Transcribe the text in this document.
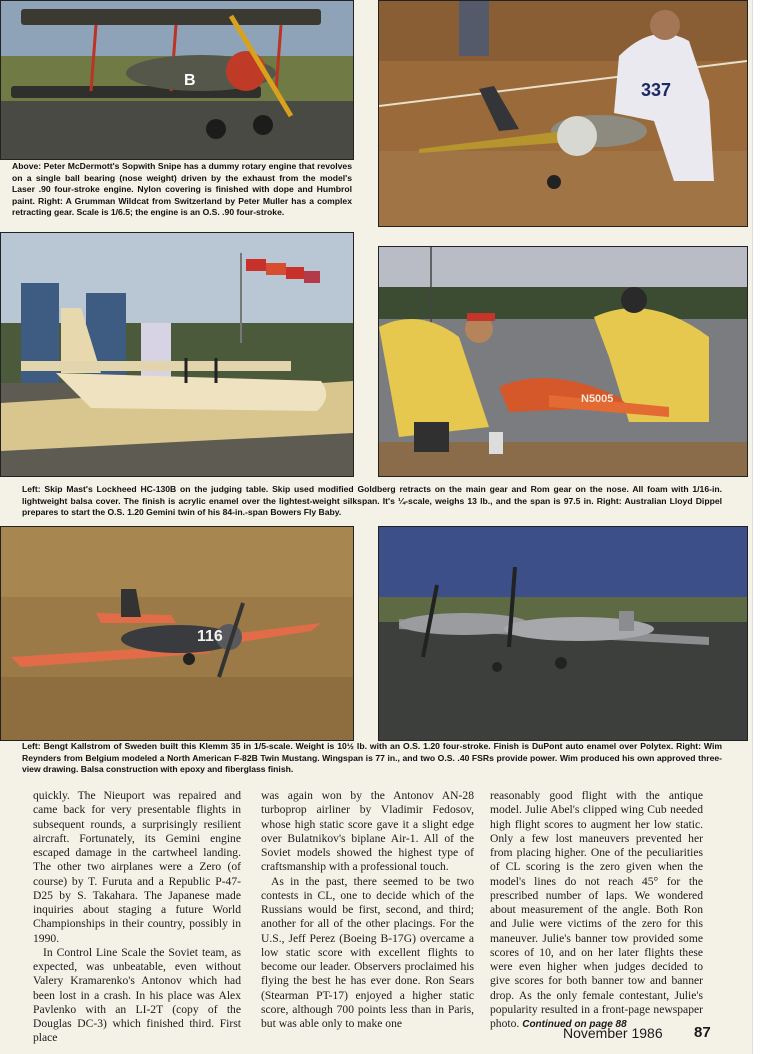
B	337
Above: Peter McDermott's Sopwith Snipe has a dummy rotary engine that revolves on a single ball bearing (nose weight) driven by the exhaust from the model's Laser .90 four-stroke engine. Nylon covering is finished with dope and Humbrol paint. Right: A Grumman Wildcat from Switzerland by Peter Muller has a complex retracting gear. Scale is 1/6.5; the engine is an O.S. .90 four-stroke.
N5005
Left: Skip Mast's Lockheed HC-130B on the judging table. Skip used modified Goldberg retracts on the main gear and Rom gear on the nose. All foam with 1/16-in. lightweight balsa cover. The finish is acrylic enamel over the lightest-weight silkspan. It's ¼-scale, weighs 13 lb., and the span is 97.5 in. Right: Australian Lloyd Dippel prepares to start the O.S. 1.20 Gemini twin of his 84-in.-span Bowers Fly Baby.
116
Left: Bengt Kallstrom of Sweden built this Klemm 35 in 1/5-scale. Weight is 10½ lb. with an O.S. 1.20 four-stroke. Finish is DuPont auto enamel over Polytex. Right: Wim Reynders from Belgium modeled a North American F-82B Twin Mustang. Wingspan is 77 in., and two O.S. .40 FSRs provide power. Wim produced his own approved three-view drawing. Balsa construction with epoxy and fiberglass finish.

quickly. The Nieuport was repaired and came back for very presentable flights in subsequent rounds, a surprisingly resilient aircraft. Fortunately, its Gemini engine escaped damage in the cartwheel landing. The other two airplanes were a Zero (of course) by T. Furuta and a Republic P-47-D25 by S. Takahara. The Japanese made inquiries about staging a future World Championships in their country, possibly in 1990.

In Control Line Scale the Soviet team, as expected, was unbeatable, even without Valery Kramarenko's Antonov which had been lost in a crash. In his place was Alex Pavlenko with an LI-2T (copy of the Douglas DC-3) which finished third. First place

was again won by the Antonov AN-28 turboprop airliner by Vladimir Fedosov, whose high static score gave it a slight edge over Bulatnikov's biplane Air-1. All of the Soviet models showed the highest type of craftsmanship with a professional touch.

As in the past, there seemed to be two contests in CL, one to decide which of the Russians would be first, second, and third; another for all of the other placings. For the U.S., Jeff Perez (Boeing B-17G) overcame a low static score with excellent flights to become our leader. Observers proclaimed his flying the best he has ever done. Ron Sears (Stearman PT-17) enjoyed a higher static score, although 700 points less than in Paris, but was able only to make one

reasonably good flight with the antique model. Julie Abel's clipped wing Cub needed high flight scores to augment her low static. Only a few lost maneuvers prevented her from placing higher. One of the peculiarities of CL scoring is the zero given when the model's lines do not reach 45° for the prescribed number of laps. We wondered about measurement of the angle. Both Ron and Julie were victims of the zero for this maneuver. Julie's banner tow provided some scores of 10, and on her later flights these were even higher when judges decided to give scores for both banner tow and banner drop. As the only female contestant, Julie's popularity resulted in a front-page newspaper photo. Continued on page 88

November 1986 87
